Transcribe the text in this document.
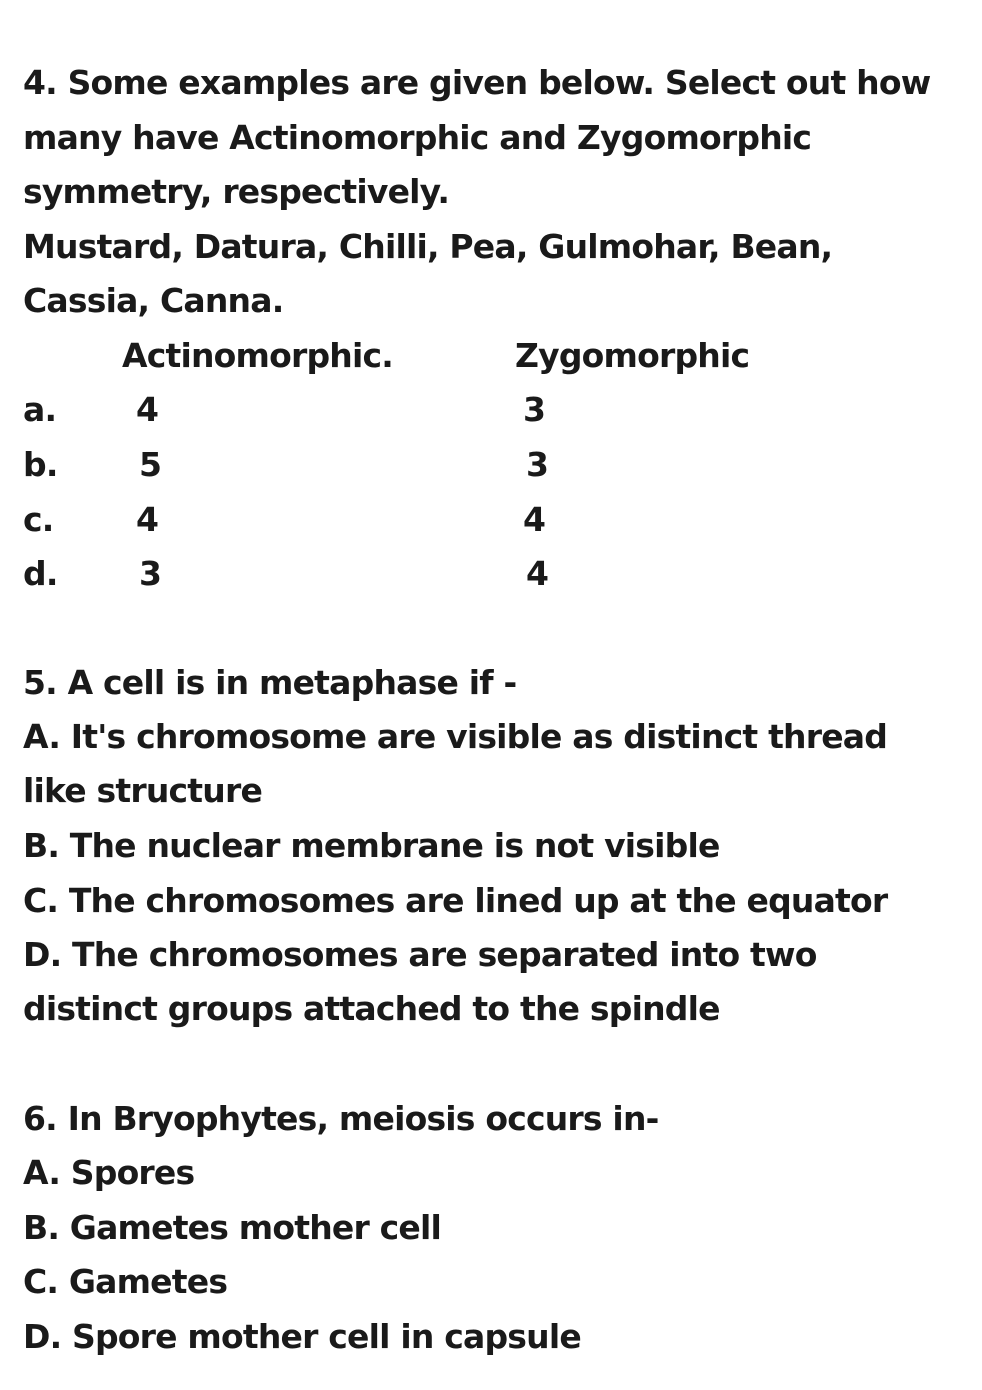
4. Some examples are given below. Select out how
many have Actinomorphic and Zygomorphic
symmetry, respectively.
Mustard, Datura, Chilli, Pea, Gulmohar, Bean,
Cassia, Canna.
Actinomorphic.	Zygomorphic
a. 4	3
b. 5	3
c.	4	4
d. 3	4
5. A cell is in metaphase if -
A. It's chromosome are visible as distinct thread
like structure
B. The nuclear membrane is not visible
C. The chromosomes are lined up at the equator
D. The chromosomes are separated into two
distinct groups attached to the spindle
6. In Bryophytes, meiosis occurs in-
A. Spores
B. Gametes mother cell
C. Gametes
D. Spore mother cell in capsule
